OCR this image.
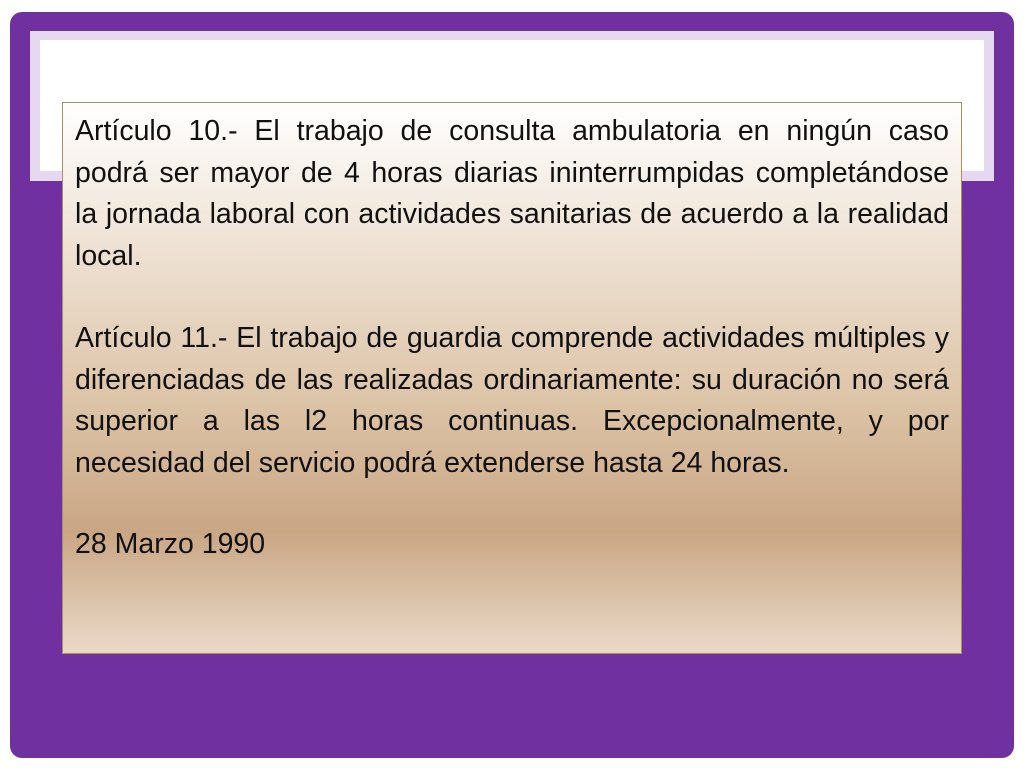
Artículo 10.- El trabajo de consulta ambulatoria en ningún caso podrá ser mayor de 4 horas diarias ininterrumpidas completándose la jornada laboral con actividades sanitarias de acuerdo a la realidad local.

Artículo 11.- El trabajo de guardia comprende actividades múltiples y diferenciadas de las realizadas ordinariamente: su duración no será superior a las l2 horas continuas. Excepcionalmente, y por necesidad del servicio podrá extenderse hasta 24 horas.

28 Marzo 1990
